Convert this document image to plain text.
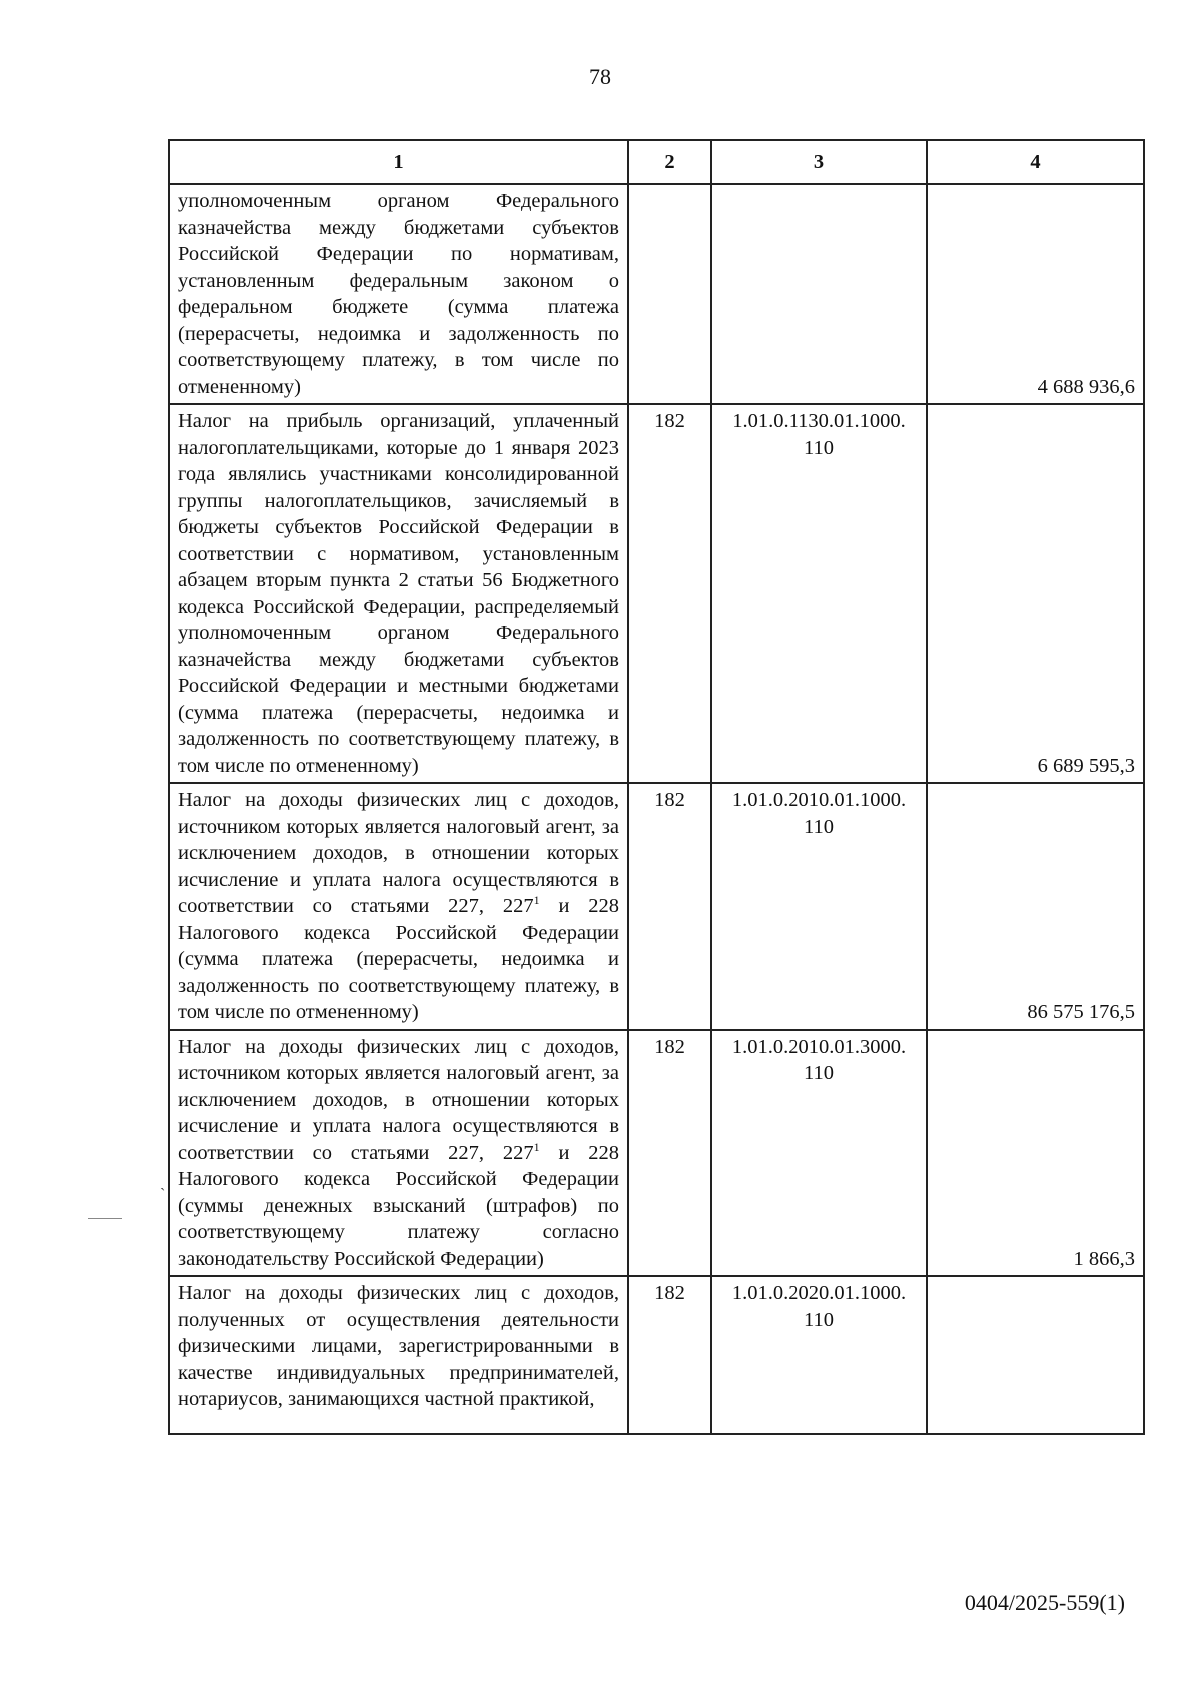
78
1	2	3	4
уполномоченным органом Федерального казначейства между бюджетами субъектов Российской Федерации по нормативам, установленным федеральным законом о федеральном бюджете (сумма платежа (перерасчеты, недоимка и задолженность по соответствующему платежу, в том числе по отмененному)			4 688 936,6
Налог на прибыль организаций, уплаченный налогоплательщиками, которые до 1 января 2023 года являлись участниками консолидированной группы налогоплательщиков, зачисляемый в бюджеты субъектов Российской Федерации в соответствии с нормативом, установленным абзацем вторым пункта 2 статьи 56 Бюджетного кодекса Российской Федерации, распределяемый уполномоченным органом Федерального казначейства между бюджетами субъектов Российской Федерации и местными бюджетами (сумма платежа (перерасчеты, недоимка и задолженность по соответствующему платежу, в том числе по отмененному)	182	1.01.0.1130.01.1000. 110	6 689 595,3
Налог на доходы физических лиц с доходов, источником которых является налоговый агент, за исключением доходов, в отношении которых исчисление и уплата налога осуществляются в соответствии со статьями 227, $227^1$ и 228 Налогового кодекса Российской Федерации (сумма платежа (перерасчеты, недоимка и задолженность по соответствующему платежу, в том числе по отмененному)	182	1.01.0.2010.01.1000. 110	86 575 176,5
Налог на доходы физических лиц с доходов, источником которых является налоговый агент, за исключением доходов, в отношении которых исчисление и уплата налога осуществляются в соответствии со статьями 227, $227^1$ и 228 Налогового кодекса Российской Федерации (суммы денежных взысканий (штрафов) по соответствующему платежу согласно законодательству Российской Федерации)	182	1.01.0.2010.01.3000. 110	1 866,3
Налог на доходы физических лиц с доходов, полученных от осуществления деятельности физическими лицами, зарегистрированными в качестве индивидуальных предпринимателей, нотариусов, занимающихся частной практикой,	182	1.01.0.2020.01.1000. 110	
`
0404/2025-559(1)
